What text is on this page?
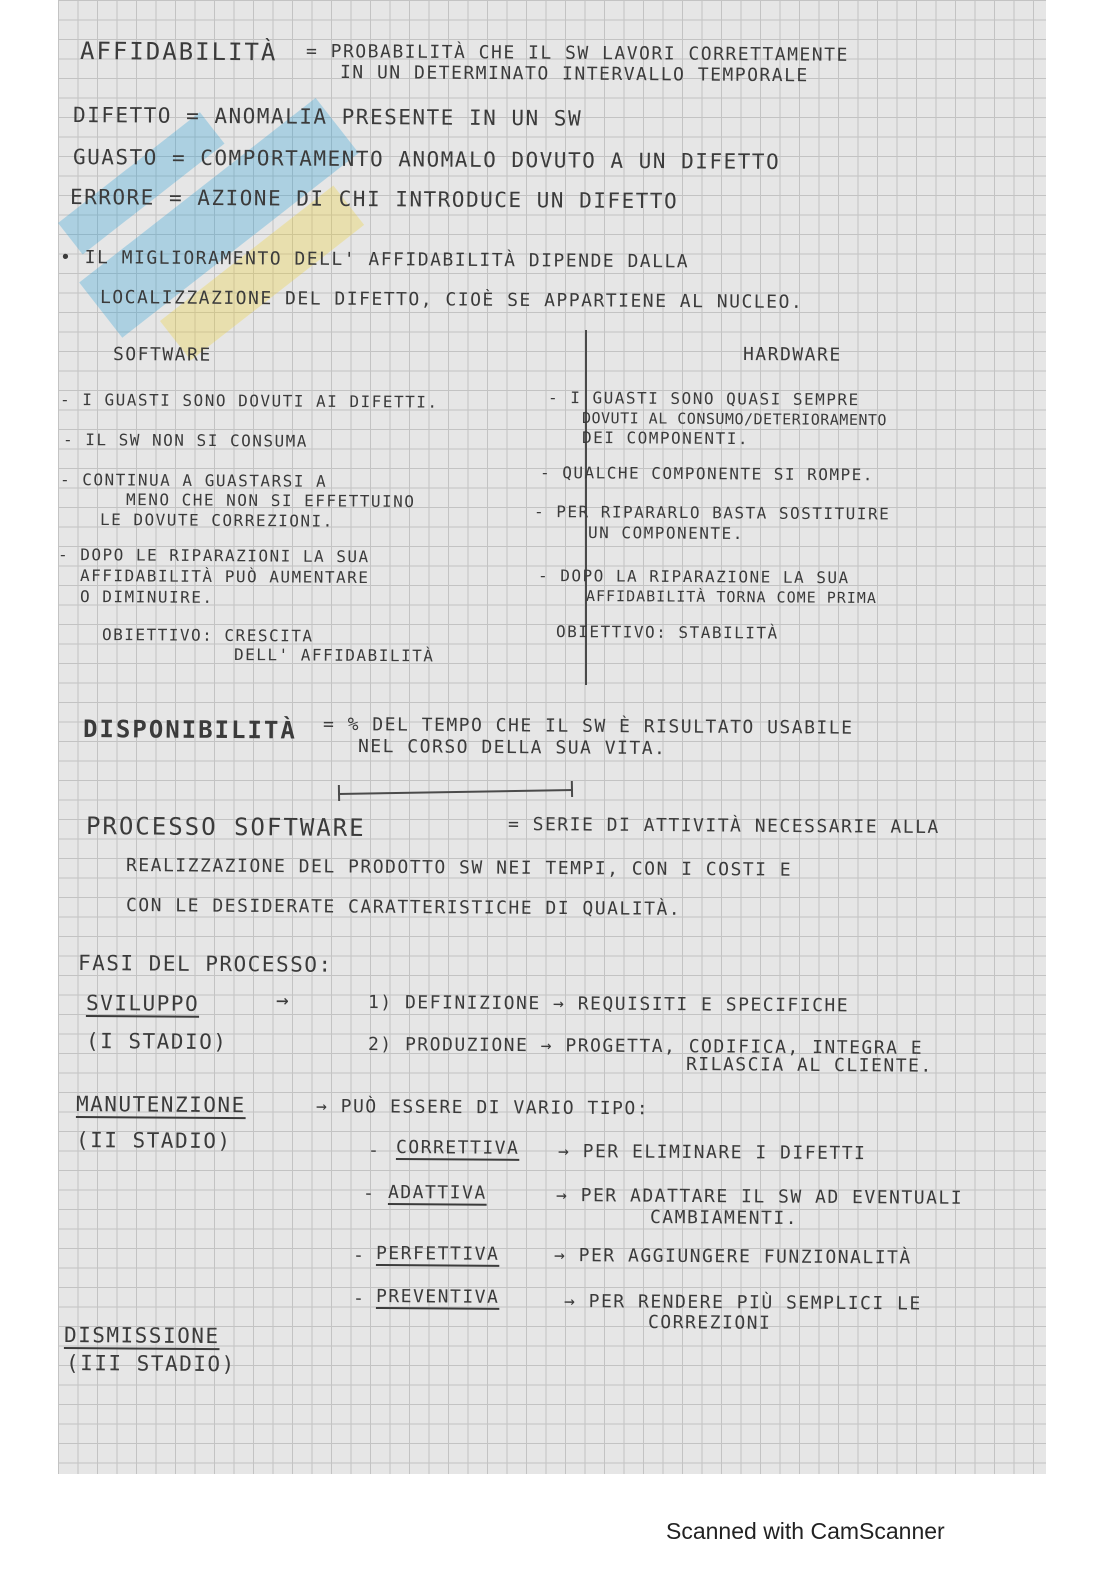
AFFIDABILITÀ = PROBABILITÀ CHE IL SW LAVORI CORRETTAMENTE
IN UN DETERMINATO INTERVALLO TEMPORALE
DIFETTO = ANOMALIA PRESENTE IN UN SW
GUASTO = COMPORTAMENTO ANOMALO DOVUTO A UN DIFETTO
ERRORE = AZIONE DI CHI INTRODUCE UN DIFETTO
• IL MIGLIORAMENTO DELL' AFFIDABILITÀ DIPENDE DALLA
LOCALIZZAZIONE DEL DIFETTO, CIOÈ SE APPARTIENE AL NUCLEO.
SOFTWARE
- I GUASTI SONO DOVUTI AI DIFETTI.
- IL SW NON SI CONSUMA
- CONTINUA A GUASTARSI A
MENO CHE NON SI EFFETTUINO
LE DOVUTE CORREZIONI.
- DOPO LE RIPARAZIONI LA SUA
AFFIDABILITÀ PUÒ AUMENTARE
O DIMINUIRE.
OBIETTIVO: CRESCITA
DELL' AFFIDABILITÀ
HARDWARE
- I GUASTI SONO QUASI SEMPRE
DOVUTI AL CONSUMO/DETERIORAMENTO
DEI COMPONENTI.
- QUALCHE COMPONENTE SI ROMPE.
- PER RIPARARLO BASTA SOSTITUIRE
UN COMPONENTE.
- DOPO LA RIPARAZIONE LA SUA
AFFIDABILITÀ TORNA COME PRIMA
OBIETTIVO: STABILITÀ
DISPONIBILITÀ = % DEL TEMPO CHE IL SW È RISULTATO USABILE
NEL CORSO DELLA SUA VITA.
PROCESSO SOFTWARE	= SERIE DI ATTIVITÀ NECESSARIE ALLA
REALIZZAZIONE DEL PRODOTTO SW NEI TEMPI, CON I COSTI E
CON LE DESIDERATE CARATTERISTICHE DI QUALITÀ.
FASI DEL PROCESSO:
SVILUPPO	→
(I STADIO)
1) DEFINIZIONE → REQUISITI E SPECIFICHE
2) PRODUZIONE → PROGETTA, CODIFICA, INTEGRA E
RILASCIA AL CLIENTE.
MANUTENZIONE
(II STADIO)
→ PUÒ ESSERE DI VARIO TIPO:
- CORRETTIVA → PER ELIMINARE I DIFETTI
- ADATTIVA	→ PER ADATTARE IL SW AD EVENTUALI
CAMBIAMENTI.
- PERFETTIVA	→ PER AGGIUNGERE FUNZIONALITÀ
- PREVENTIVA	→ PER RENDERE PIÙ SEMPLICI LE
CORREZIONI
DISMISSIONE
(III STADIO)
Scanned with CamScanner
